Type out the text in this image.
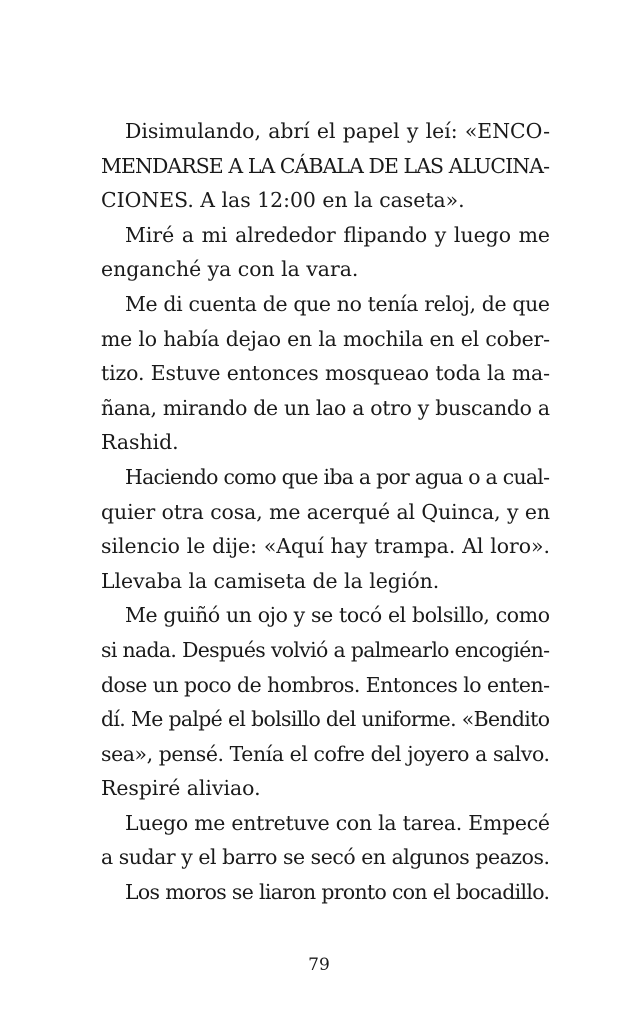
Disimulando, abrí el papel y leí: «ENCO-
MENDARSE A LA CÁBALA DE LAS ALUCINA-
CIONES. A las 12:00 en la caseta».
Miré a mi alrededor flipando y luego me
enganché ya con la vara.
Me di cuenta de que no tenía reloj, de que
me lo había dejao en la mochila en el cober-
tizo. Estuve entonces mosqueao toda la ma-
ñana, mirando de un lao a otro y buscando a
Rashid.
Haciendo como que iba a por agua o a cual-
quier otra cosa, me acerqué al Quinca, y en
silencio le dije: «Aquí hay trampa. Al loro».
Llevaba la camiseta de la legión.
Me guiñó un ojo y se tocó el bolsillo, como
si nada. Después volvió a palmearlo encogién-
dose un poco de hombros. Entonces lo enten-
dí. Me palpé el bolsillo del uniforme. «Bendito
sea», pensé. Tenía el cofre del joyero a salvo.
Respiré aliviao.
Luego me entretuve con la tarea. Empecé
a sudar y el barro se secó en algunos peazos.
Los moros se liaron pronto con el bocadillo.
79
